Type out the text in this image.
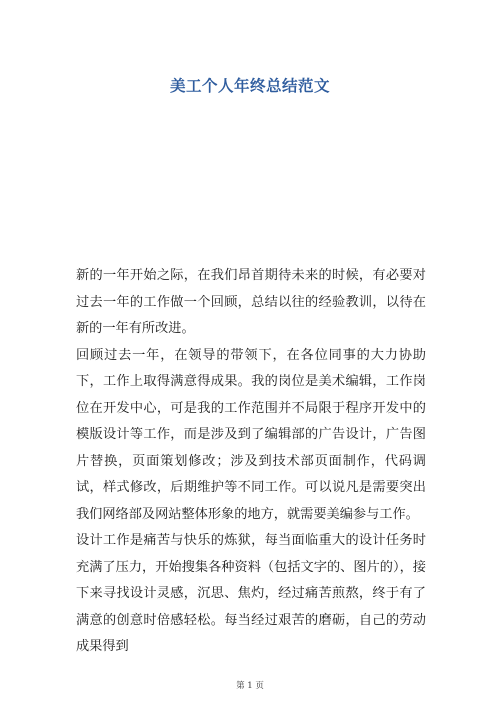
美工个人年终总结范文

新的一年开始之际，在我们昂首期待未来的时候，有必要对过去一年的工作做一个回顾，总结以往的经验教训，以待在新的一年有所改进。

回顾过去一年，在领导的带领下，在各位同事的大力协助下，工作上取得满意得成果。我的岗位是美术编辑，工作岗位在开发中心，可是我的工作范围并不局限于程序开发中的模版设计等工作，而是涉及到了编辑部的广告设计，广告图片替换，页面策划修改；涉及到技术部页面制作，代码调试，样式修改，后期维护等不同工作。可以说凡是需要突出我们网络部及网站整体形象的地方，就需要美编参与工作。

设计工作是痛苦与快乐的炼狱，每当面临重大的设计任务时充满了压力，开始搜集各种资料（包括文字的、图片的），接下来寻找设计灵感，沉思、焦灼，经过痛苦煎熬，终于有了满意的创意时倍感轻松。每当经过艰苦的磨砺，自己的劳动成果得到

第 1 页
